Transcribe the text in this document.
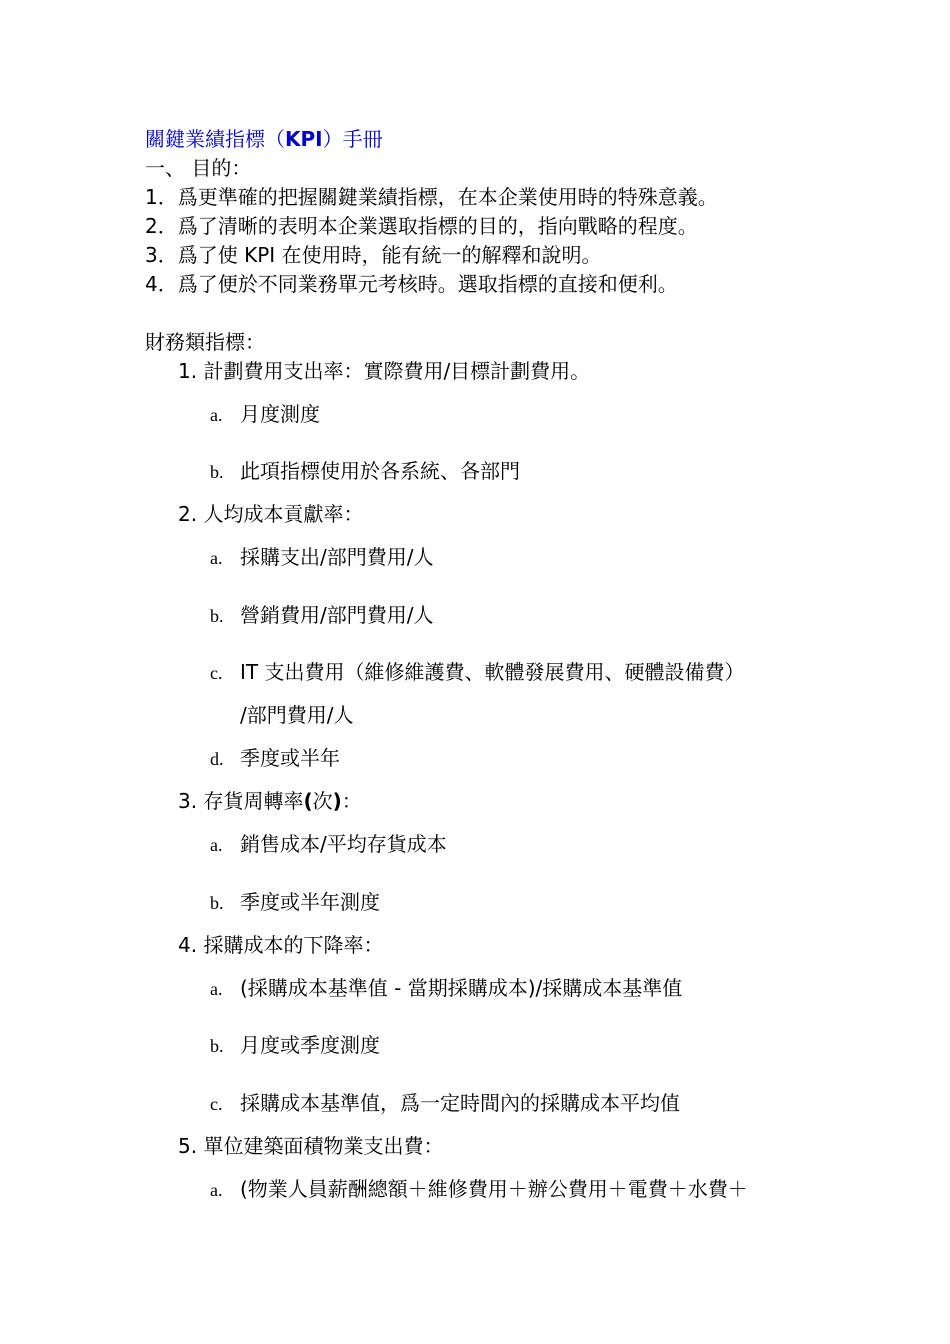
關鍵業績指標（KPI）手冊
一、 目的：
1．爲更準確的把握關鍵業績指標，在本企業使用時的特殊意義。
2．爲了清晰的表明本企業選取指標的目的，指向戰略的程度。
3．爲了使 KPI 在使用時，能有統一的解釋和說明。
4．爲了便於不同業務單元考核時。選取指標的直接和便利。
財務類指標：
1. 計劃費用支出率：實際費用/目標計劃費用。
a. 月度測度
b. 此項指標使用於各系統、各部門
2. 人均成本貢獻率：
a. 採購支出/部門費用/人
b. 營銷費用/部門費用/人
c. IT 支出費用（維修維護費、軟體發展費用、硬體設備費）
/部門費用/人
d. 季度或半年
3. 存貨周轉率(次)：
a. 銷售成本/平均存貨成本
b. 季度或半年測度
4. 採購成本的下降率：
a. (採購成本基準值 - 當期採購成本)/採購成本基準值
b. 月度或季度測度
c. 採購成本基準值，爲一定時間內的採購成本平均值
5. 單位建築面積物業支出費：
a. (物業人員薪酬總額＋維修費用＋辦公費用＋電費＋水費＋
